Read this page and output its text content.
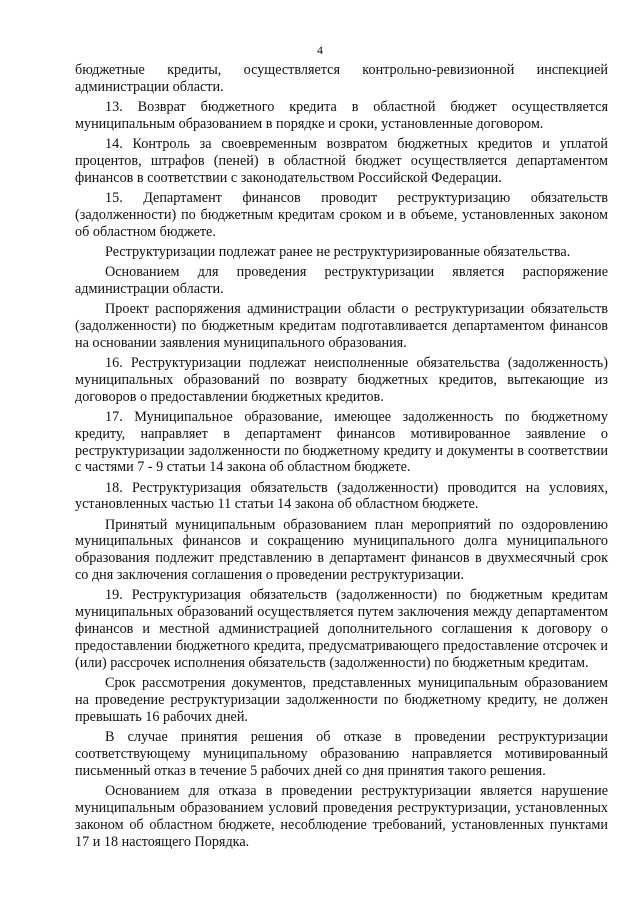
4

бюджетные кредиты, осуществляется контрольно-ревизионной инспекцией администрации области.

13. Возврат бюджетного кредита в областной бюджет осуществляется муниципальным образованием в порядке и сроки, установленные договором.

14. Контроль за своевременным возвратом бюджетных кредитов и уплатой процентов, штрафов (пеней) в областной бюджет осуществляется департаментом финансов в соответствии с законодательством Российской Федерации.

15. Департамент финансов проводит реструктуризацию обязательств (задолженности) по бюджетным кредитам сроком и в объеме, установленных законом об областном бюджете.

Реструктуризации подлежат ранее не реструктуризированные обязательства.

Основанием для проведения реструктуризации является распоряжение администрации области.

Проект распоряжения администрации области о реструктуризации обязательств (задолженности) по бюджетным кредитам подготавливается департаментом финансов на основании заявления муниципального образования.

16. Реструктуризации подлежат неисполненные обязательства (задолженность) муниципальных образований по возврату бюджетных кредитов, вытекающие из договоров о предоставлении бюджетных кредитов.

17. Муниципальное образование, имеющее задолженность по бюджетному кредиту, направляет в департамент финансов мотивированное заявление о реструктуризации задолженности по бюджетному кредиту и документы в соответствии с частями 7 - 9 статьи 14 закона об областном бюджете.

18. Реструктуризация обязательств (задолженности) проводится на условиях, установленных частью 11 статьи 14 закона об областном бюджете.

Принятый муниципальным образованием план мероприятий по оздоровлению муниципальных финансов и сокращению муниципального долга муниципального образования подлежит представлению в департамент финансов в двухмесячный срок со дня заключения соглашения о проведении реструктуризации.

19. Реструктуризация обязательств (задолженности) по бюджетным кредитам муниципальных образований осуществляется путем заключения между департаментом финансов и местной администрацией дополнительного соглашения к договору о предоставлении бюджетного кредита, предусматривающего предоставление отсрочек и (или) рассрочек исполнения обязательств (задолженности) по бюджетным кредитам.

Срок рассмотрения документов, представленных муниципальным образованием на проведение реструктуризации задолженности по бюджетному кредиту, не должен превышать 16 рабочих дней.

В случае принятия решения об отказе в проведении реструктуризации соответствующему муниципальному образованию направляется мотивированный письменный отказ в течение 5 рабочих дней со дня принятия такого решения.

Основанием для отказа в проведении реструктуризации является нарушение муниципальным образованием условий проведения реструктуризации, установленных законом об областном бюджете, несоблюдение требований, установленных пунктами 17 и 18 настоящего Порядка.
